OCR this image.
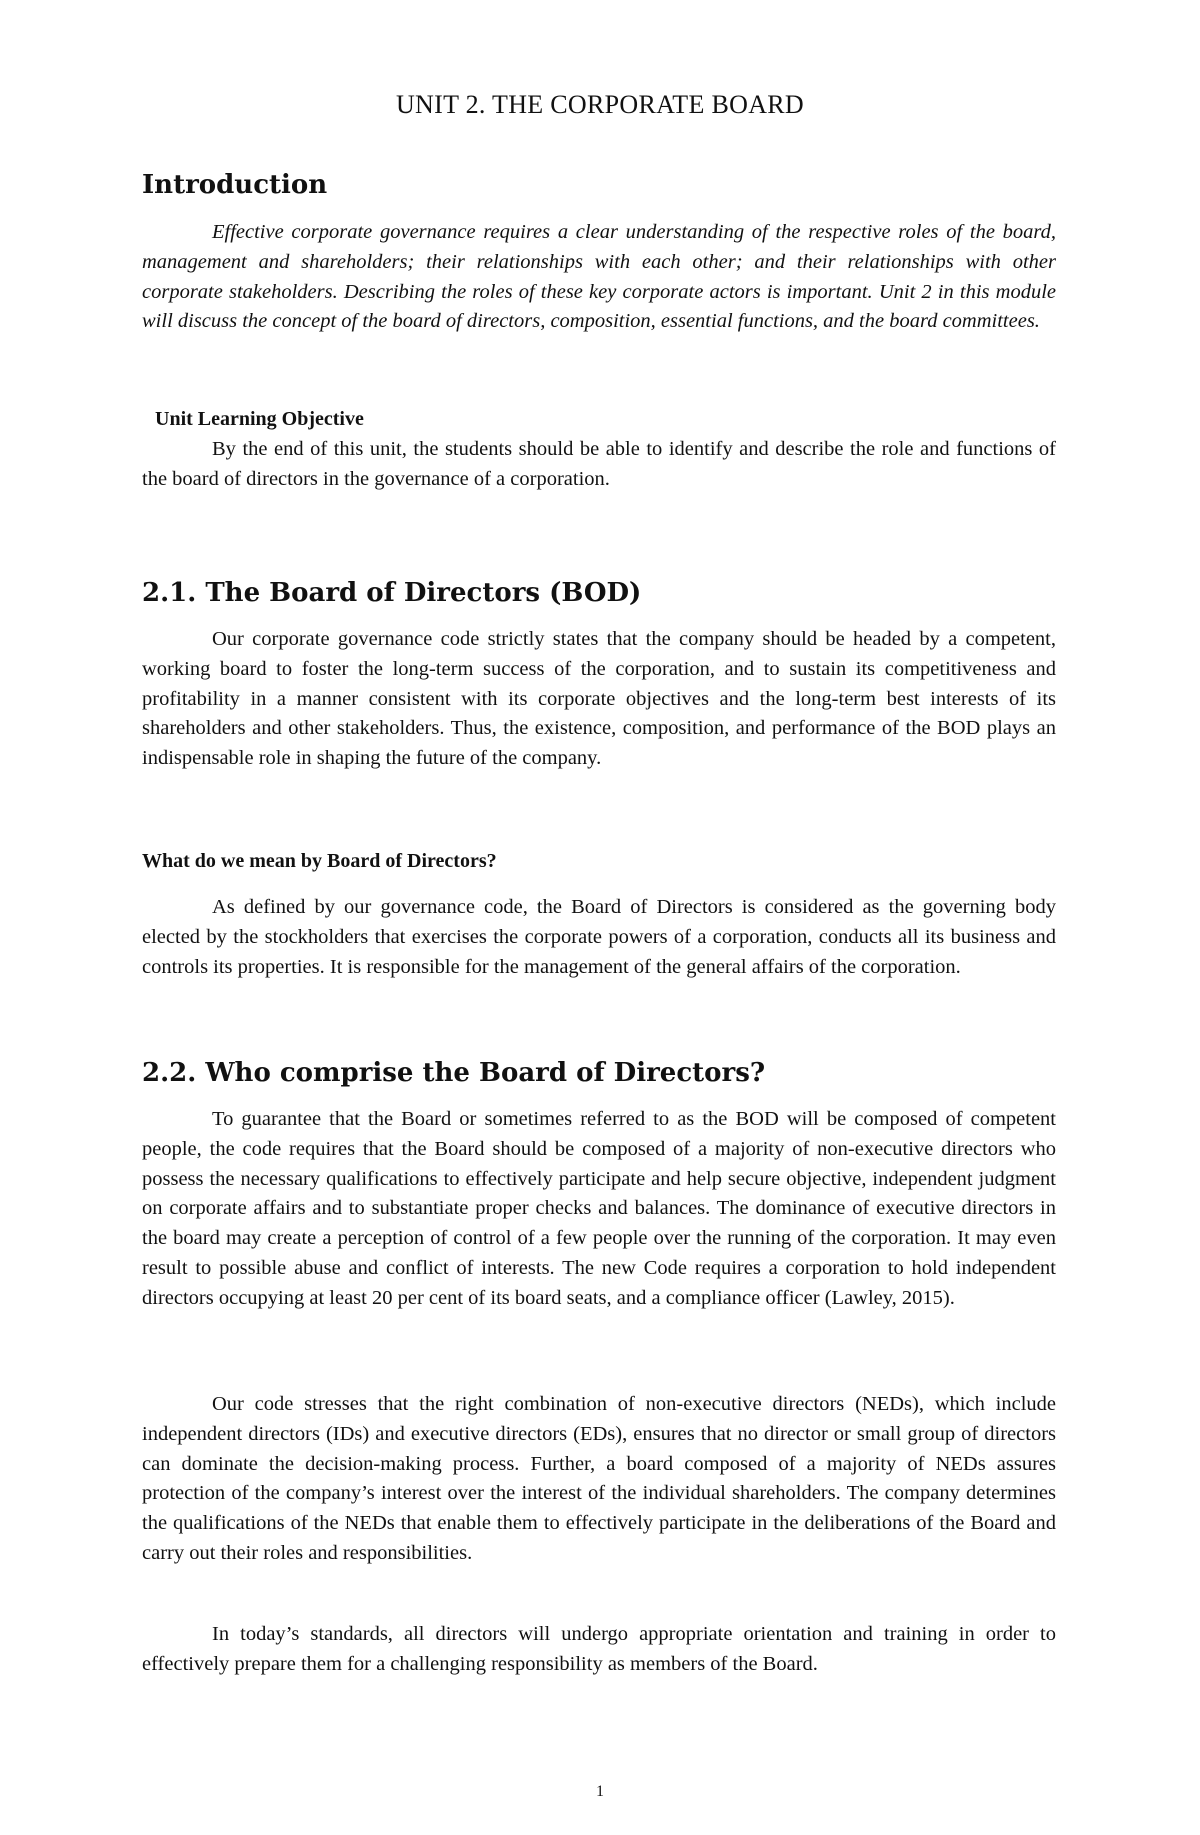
UNIT 2. THE CORPORATE BOARD
Introduction

Effective corporate governance requires a clear understanding of the respective roles of the board, management and shareholders; their relationships with each other; and their relationships with other corporate stakeholders. Describing the roles of these key corporate actors is important. Unit 2 in this module will discuss the concept of the board of directors, composition, essential functions, and the board committees.

Unit Learning Objective

By the end of this unit, the students should be able to identify and describe the role and functions of the board of directors in the governance of a corporation.

2.1. The Board of Directors (BOD)

Our corporate governance code strictly states that the company should be headed by a competent, working board to foster the long-term success of the corporation, and to sustain its competitiveness and profitability in a manner consistent with its corporate objectives and the long-term best interests of its shareholders and other stakeholders. Thus, the existence, composition, and performance of the BOD plays an indispensable role in shaping the future of the company.

What do we mean by Board of Directors?

As defined by our governance code, the Board of Directors is considered as the governing body elected by the stockholders that exercises the corporate powers of a corporation, conducts all its business and controls its properties. It is responsible for the management of the general affairs of the corporation.

2.2. Who comprise the Board of Directors?

To guarantee that the Board or sometimes referred to as the BOD will be composed of competent people, the code requires that the Board should be composed of a majority of non-executive directors who possess the necessary qualifications to effectively participate and help secure objective, independent judgment on corporate affairs and to substantiate proper checks and balances. The dominance of executive directors in the board may create a perception of control of a few people over the running of the corporation. It may even result to possible abuse and conflict of interests. The new Code requires a corporation to hold independent directors occupying at least 20 per cent of its board seats, and a compliance officer (Lawley, 2015).

Our code stresses that the right combination of non-executive directors (NEDs), which include independent directors (IDs) and executive directors (EDs), ensures that no director or small group of directors can dominate the decision-making process. Further, a board composed of a majority of NEDs assures protection of the company’s interest over the interest of the individual shareholders. The company determines the qualifications of the NEDs that enable them to effectively participate in the deliberations of the Board and carry out their roles and responsibilities.

In today’s standards, all directors will undergo appropriate orientation and training in order to effectively prepare them for a challenging responsibility as members of the Board.

1
